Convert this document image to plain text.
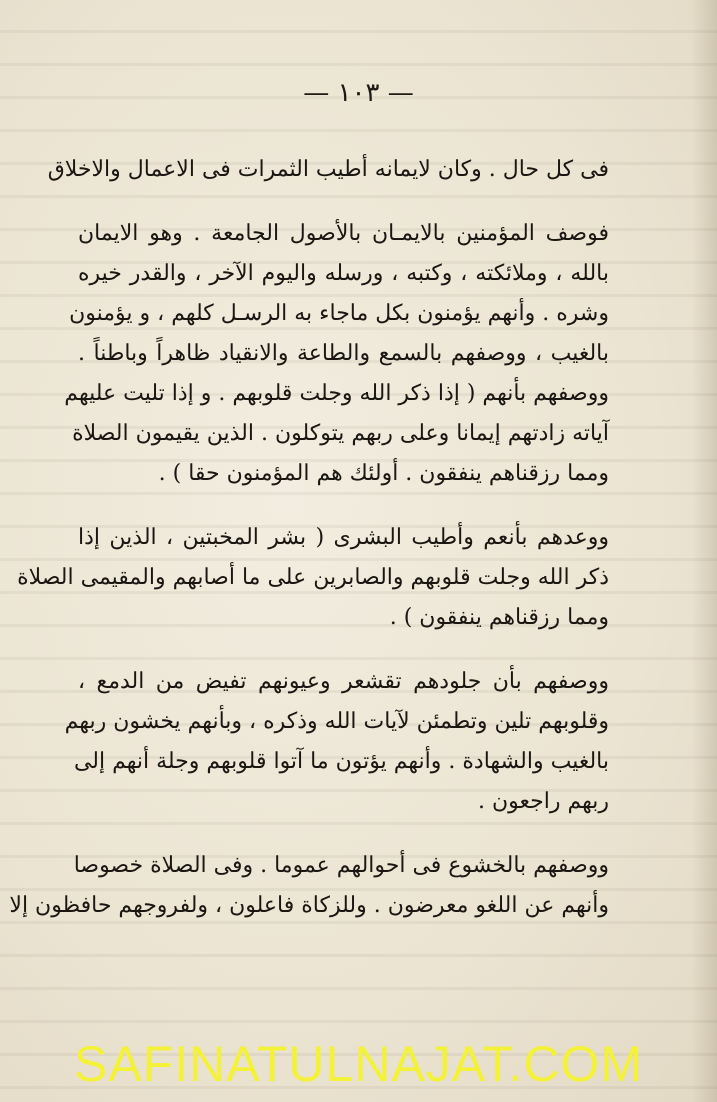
— ١٠٣ —
فى كل حال . وكان لايمانه أطيب الثمرات فى الاعمال والاخلاق
فوصف المؤمنين بالايمـان بالأصول الجامعة . وهو الايمان
بالله ، وملائكته ، وكتبه ، ورسله واليوم الآخر ، والقدر خيره
وشره . وأنهم يؤمنون بكل ماجاء به الرسـل كلهم ، و يؤمنون
بالغيب ، ووصفهم بالسمع والطاعة والانقياد ظاهراً وباطناً .
ووصفهم بأنهم ( إذا ذكر الله وجلت قلوبهم . و إذا تليت عليهم
آياته زادتهم إيمانا وعلى ربهم يتوكلون . الذين يقيمون الصلاة
ومما رزقناهم ينفقون . أولئك هم المؤمنون حقا ) .
ووعدهم بأنعم وأطيب البشرى ( بشر المخبتين ، الذين إذا
ذكر الله وجلت قلوبهم والصابرين على ما أصابهم والمقيمى الصلاة
ومما رزقناهم ينفقون ) .
ووصفهم بأن جلودهم تقشعر وعيونهم تفيض من الدمع ،
وقلوبهم تلين وتطمئن لآيات الله وذكره ، وبأنهم يخشون ربهم
بالغيب والشهادة . وأنهم يؤتون ما آتوا قلوبهم وجلة أنهم إلى
ربهم راجعون .
ووصفهم بالخشوع فى أحوالهم عموما . وفى الصلاة خصوصا
وأنهم عن اللغو معرضون . وللزكاة فاعلون ، ولفروجهم حافظون إلا
SAFINATULNAJAT.COM
